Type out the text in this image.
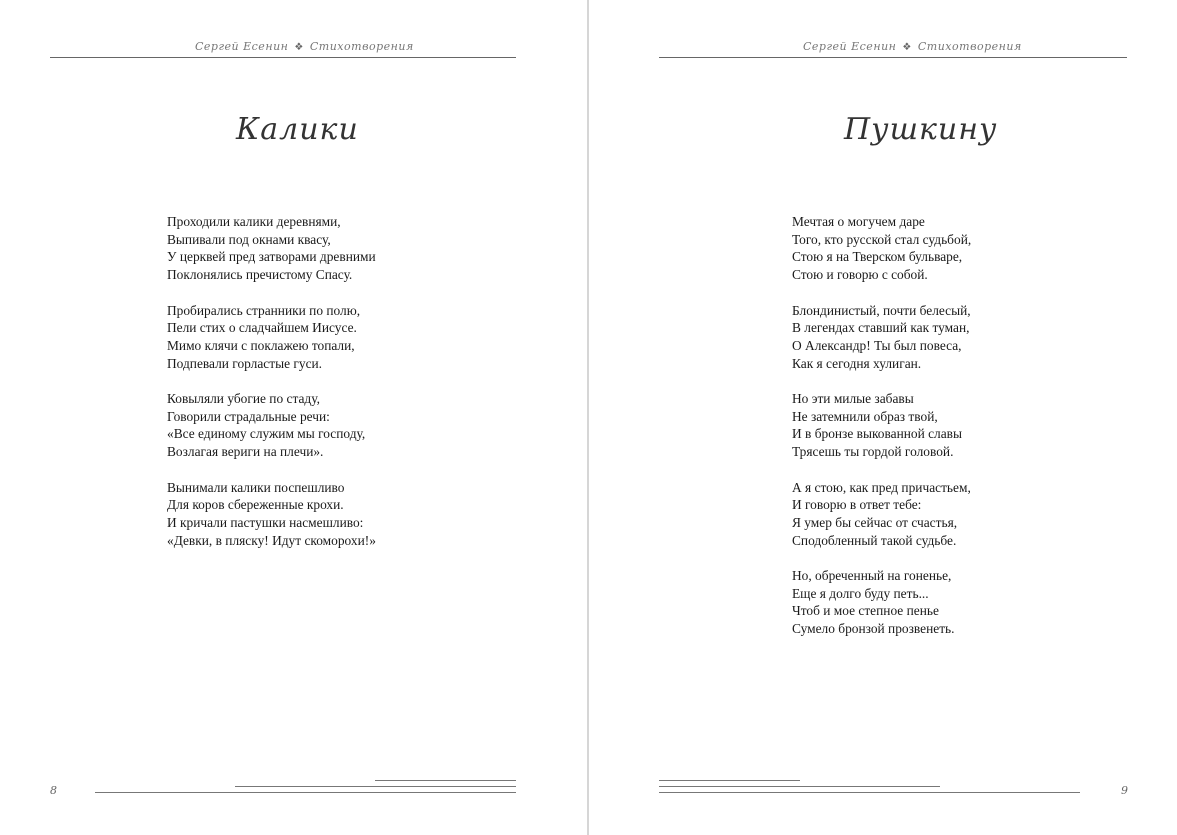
Сергей Есенин ❖ Стихотворения
Калики
Проходили калики деревнями,
Выпивали под окнами квасу,
У церквей пред затворами древними
Поклонялись пречистому Спасу.
Пробирались странники по полю,
Пели стих о сладчайшем Иисусе.
Мимо клячи с поклажею топали,
Подпевали горластые гуси.
Ковыляли убогие по стаду,
Говорили страдальные речи:
«Все единому служим мы господу,
Возлагая вериги на плечи».
Вынимали калики поспешливо
Для коров сбереженные крохи.
И кричали пастушки насмешливо:
«Девки, в пляску! Идут скоморохи!»
8
Сергей Есенин ❖ Стихотворения
Пушкину
Мечтая о могучем даре
Того, кто русской стал судьбой,
Стою я на Тверском бульваре,
Стою и говорю с собой.
Блондинистый, почти белесый,
В легендах ставший как туман,
О Александр! Ты был повеса,
Как я сегодня хулиган.
Но эти милые забавы
Не затемнили образ твой,
И в бронзе выкованной славы
Трясешь ты гордой головой.
А я стою, как пред причастьем,
И говорю в ответ тебе:
Я умер бы сейчас от счастья,
Сподобленный такой судьбе.
Но, обреченный на гоненье,
Еще я долго буду петь...
Чтоб и мое степное пенье
Сумело бронзой прозвенеть.
9
